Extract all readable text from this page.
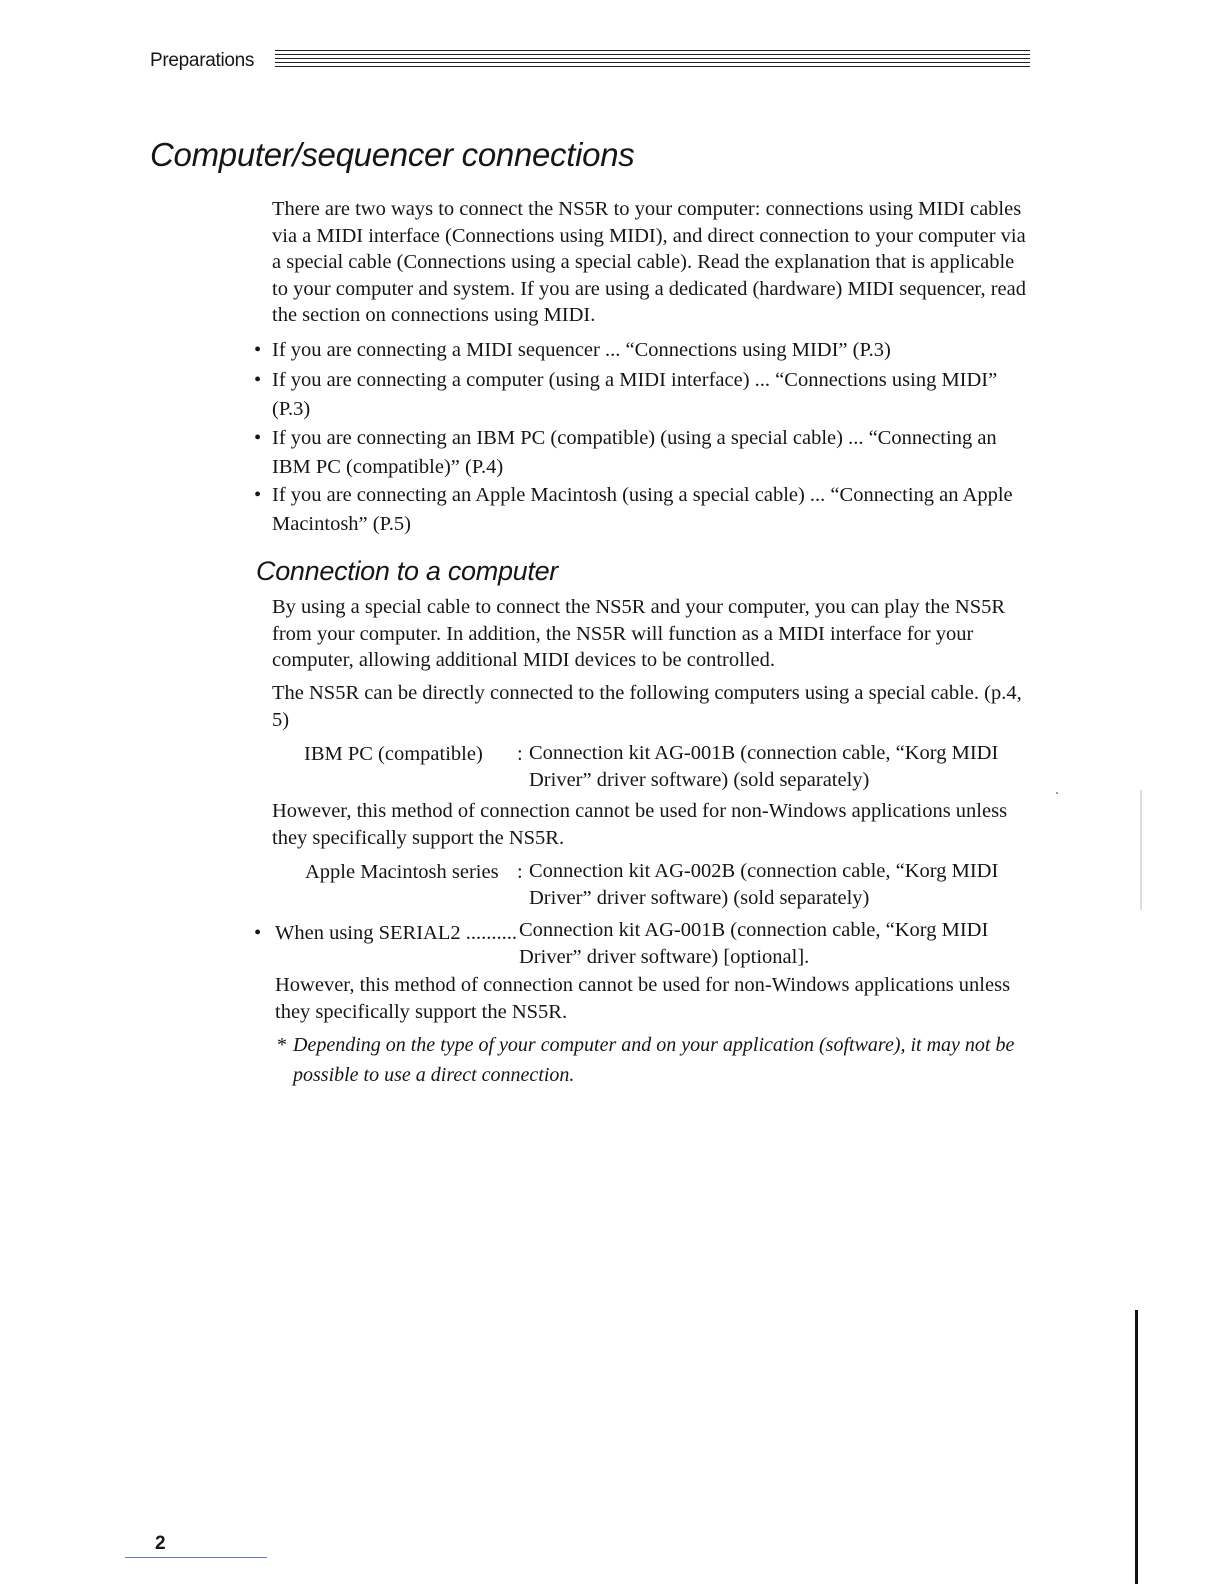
Preparations
Computer/sequencer connections

There are two ways to connect the NS5R to your computer: connections using MIDI cables via a MIDI interface (Connections using MIDI), and direct connection to your computer via a special cable (Connections using a special cable). Read the explanation that is applicable to your computer and system. If you are using a dedicated (hardware) MIDI sequencer, read the section on connections using MIDI.

• If you are connecting a MIDI sequencer ... “Connections using MIDI” (P.3)
• If you are connecting a computer (using a MIDI interface) ... “Connections using MIDI” (P.3)
• If you are connecting an IBM PC (compatible) (using a special cable) ... “Connecting an IBM PC (compatible)” (P.4)
• If you are connecting an Apple Macintosh (using a special cable) ... “Connecting an Apple Macintosh” (P.5)
Connection to a computer

By using a special cable to connect the NS5R and your computer, you can play the NS5R from your computer. In addition, the NS5R will function as a MIDI interface for your computer, allowing additional MIDI devices to be controlled.

The NS5R can be directly connected to the following computers using a special cable. (p.4, 5)

IBM PC (compatible) : Connection kit AG-001B (connection cable, “Korg MIDI Driver” driver software) (sold separately)

However, this method of connection cannot be used for non-Windows applications unless they specifically support the NS5R.

Apple Macintosh series : Connection kit AG-002B (connection cable, “Korg MIDI Driver” driver software) (sold separately)

• When using SERIAL2 .......... Connection kit AG-001B (connection cable, “Korg MIDI Driver” driver software) [optional].

However, this method of connection cannot be used for non-Windows applications unless they specifically support the NS5R.

* Depending on the type of your computer and on your application (software), it may not be possible to use a direct connection.
2
